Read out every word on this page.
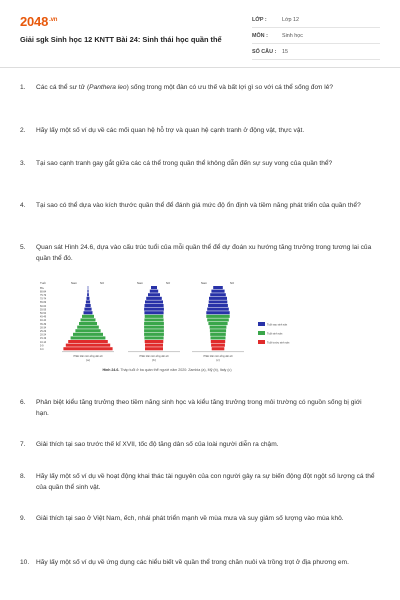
$2048^{.vn}$
Giải sgk Sinh học 12 KNTT Bài 24: Sinh thái học quần thể
LỚP :	Lớp 12
MÔN :	Sinh học
SỐ CÂU :	15
1.	Các cá thể sư tử (Panthera leo) sống trong một đàn có ưu thế và bất lợi gì so với cá thể sống đơn lẻ?
2.	Hãy lấy một số ví dụ về các mối quan hệ hỗ trợ và quan hệ cạnh tranh ở động vật, thực vật.
3.	Tại sao cạnh tranh gay gắt giữa các cá thể trong quần thể không dẫn đến sự suy vong của quần thể?
4.	Tại sao có thể dựa vào kích thước quần thể để đánh giá mức độ ổn định và tiềm năng phát triển của quần thể?
5.	Quan sát Hình 24.6, dựa vào cấu trúc tuổi của mỗi quần thể để dự đoán xu hướng tăng trưởng trong tương lai của quần thể đó.
6.	Phân biệt kiểu tăng trưởng theo tiềm năng sinh học và kiểu tăng trưởng trong môi trường có nguồn sống bị giới hạn.
7.	Giải thích tại sao trước thế kỉ XVII, tốc độ tăng dân số của loài người diễn ra chậm.
8.	Hãy lấy một số ví dụ về hoạt động khai thác tài nguyên của con người gây ra sự biến động đột ngột số lượng cá thể của quần thể sinh vật.
9.	Giải thích tại sao ở Việt Nam, ếch, nhái phát triển mạnh về mùa mưa và suy giảm số lượng vào mùa khô.
10.	Hãy lấy một số ví dụ về ứng dụng các hiểu biết về quần thể trong chăn nuôi và trồng trọt ở địa phương em.
Tuổi
85+
80-84
75-79
70-74
65-69
60-64
55-59
50-54
45-49
40-44
35-39
30-34
25-29
20-24
15-19
10-14
5-9
0-4
Nam	Nữ
Phần trăm trên tổng dân số
(a)
Nam	Nữ
Phần trăm trên tổng dân số
(b)
Nam	Nữ
Phần trăm trên tổng dân số
(c)
Tuổi sau sinh sản
Tuổi sinh sản
Tuổi trước sinh sản
Hình 24.6. Tháp tuổi ở ba quần thể người năm 2020: Zambia (a), Mỹ (b), Italy (c)
